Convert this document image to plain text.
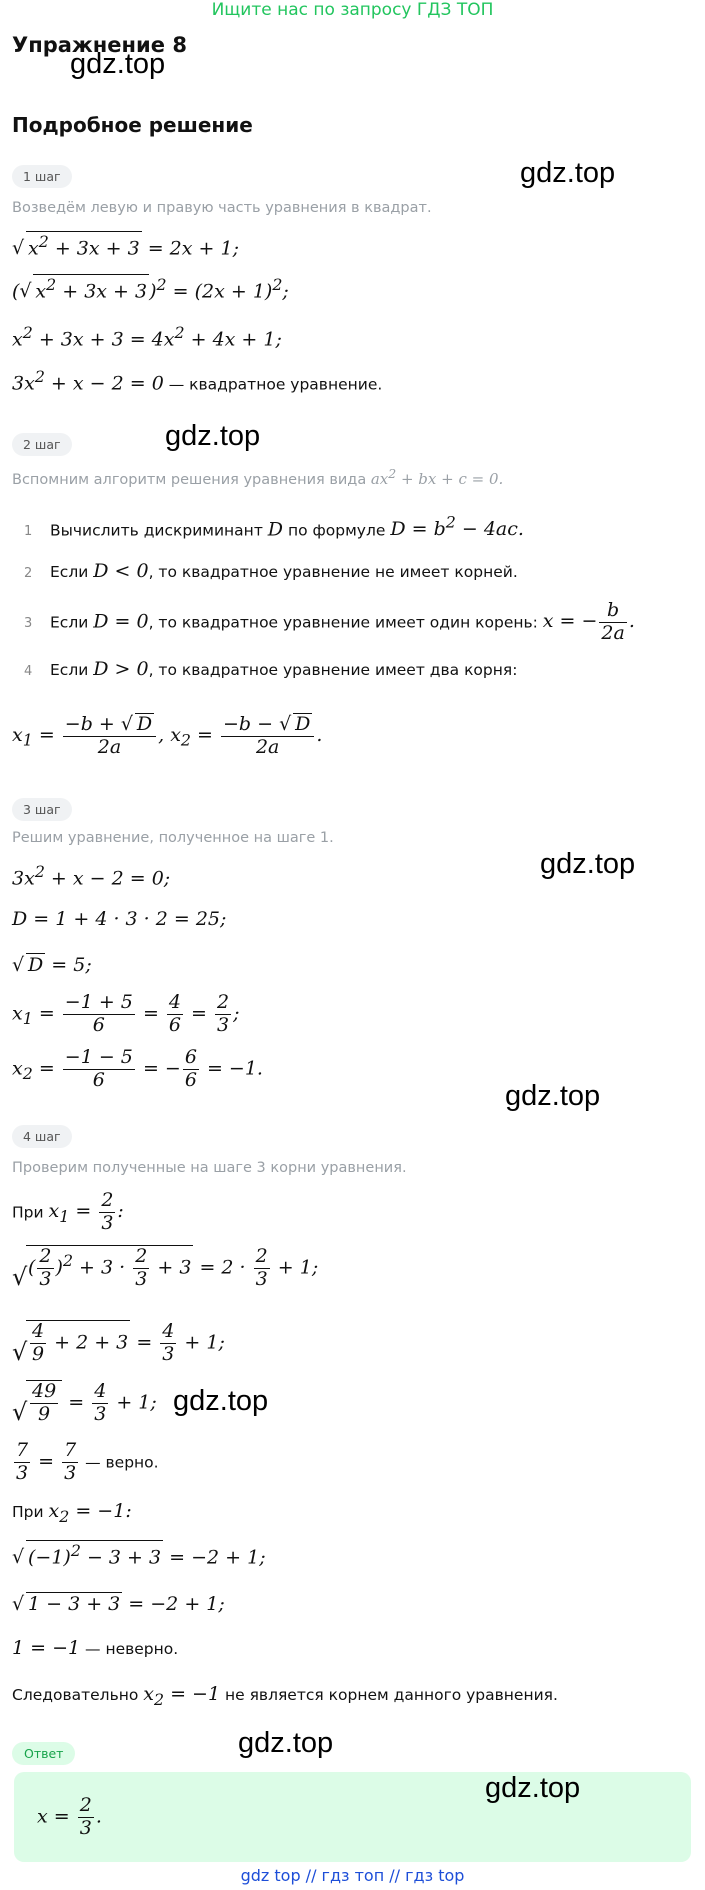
Ищите нас по запросу ГДЗ ТОП
Упражнение 8
gdz.top
Подробное решение
1 шаг	gdz.top
Возведём левую и правую часть уравнения в квадрат.
√ $x^2 + 3x + 3 = 2x + 1$;
(√ $x^2 + 3x + 3$ )$^2 = (2x + 1)^2$;
$x^2 + 3x + 3 = 4x^2 + 4x + 1$;
$3x^2 + x - 2 = 0$ — квадратное уравнение.
2 шаг	gdz.top
Вспомним алгоритм решения уравнения вида $ax^2$ + bx + c = 0.
1 Вычислить дискриминант D по формуле $D = b^2 - 4ac$.
2 Если D < 0, то квадратное уравнение не имеет корней.
3 Если D = 0, то квадратное уравнение имеет один корень: x = − $\frac{b}{2a}$ .
4 Если D > 0, то квадратное уравнение имеет два корня:
$x_1 = \frac{-b + √ D}{2a}$ , $x_2 = \frac{-b - √ D}{2a}$ .
3 шаг
gdz.top
Решим уравнение, полученное на шаге 1.
$3x^2 + x - 2 = 0$;
D = 1 + 4 · 3 · 2 = 25;
√ D = 5;
$x_1 = \frac{-1 + 5}{6} = \frac{4}{6} = \frac{2}{3}$ ;
$x_2 = \frac{-1 - 5}{6}$ = − $\frac{6}{6} = -1$.
gdz.top
4 шаг
Проверим полученные на шаге 3 корни уравнения.
При $x_1 = \frac{2}{3}$ :
√ ( $\frac{2}{3} )^2 + 3 \cdot \frac{2}{3} + 3 = 2 \cdot \frac{2}{3} + 1$;
√ $\frac{4}{9} + 2 + 3 = \frac{4}{3} + 1$;
√ $\frac{49}{9} = \frac{4}{3} + 1$; gdz.top
$\frac{7}{3} = \frac{7}{3}$ — верно.
При $x_2 = -1$:
√ $(-1)^2 - 3 + 3 = -2 + 1$;
√ 1 − 3 + 3 = −2 + 1;
1 = −1 — неверно.
Следовательно $x_2 = -1$ не является корнем данного уравнения.
Ответ	gdz.top
$x = \frac{2}{3}$ .
gdz.top
gdz top // гдз топ // гдз top
